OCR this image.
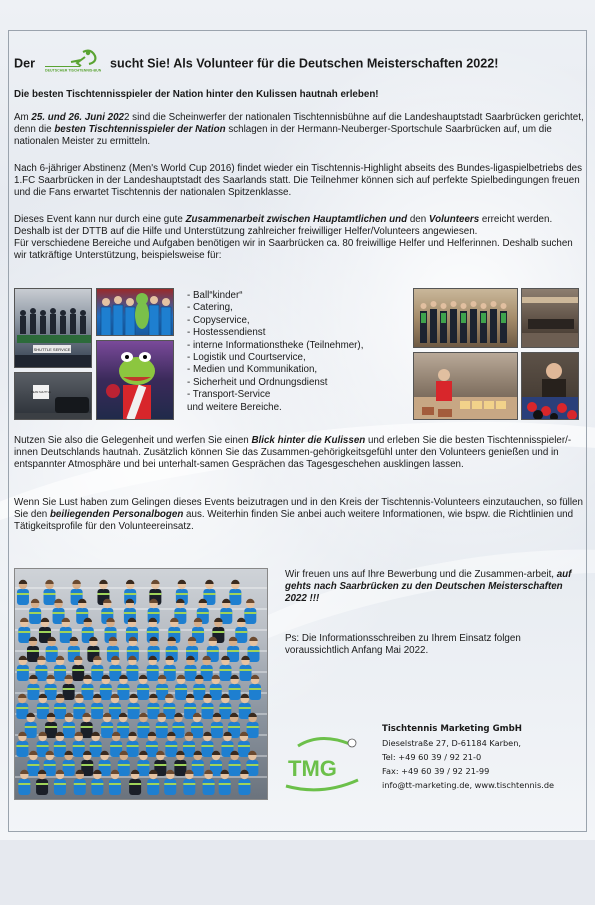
Der
DEUTSCHER TISCHTENNIS-BUND
sucht Sie! Als Volunteer für die Deutschen Meisterschaften 2022!

Die besten Tischtennisspieler der Nation hinter den Kulissen hautnah erleben!

Am 25. und 26. Juni 2022 sind die Scheinwerfer der nationalen Tischtennisbühne auf die Landeshauptstadt Saarbrücken gerichtet, denn die besten Tischtennisspieler der Nation schlagen in der Hermann-Neuberger-Sportschule Saarbrücken auf, um die nationalen Meister zu ermitteln.

Nach 6-jähriger Abstinenz (Men's World Cup 2016) findet wieder ein Tischtennis-Highlight abseits des Bundes-ligaspielbetriebs des 1.FC Saarbrücken in der Landeshauptstadt des Saarlands statt. Die Teilnehmer können sich auf perfekte Spielbedingungen freuen und die Fans erwartet Tischtennis der nationalen Spitzenklasse.

Dieses Event kann nur durch eine gute Zusammenarbeit zwischen Hauptamtlichen und den Volunteers erreicht werden. Deshalb ist der DTTB auf die Hilfe und Unterstützung zahlreicher freiwilliger Helfer/Volunteers angewiesen.
Für verschiedene Bereiche und Aufgaben benötigen wir in Saarbrücken ca. 80 freiwillige Helfer und Helferinnen. Deshalb suchen wir tatkräftige Unterstützung, beispielsweise für:

SHUTTLE SERVICE
TEAM SHUTTLE
- Ball“kinder“
- Catering,
- Copyservice,
- Hostessendienst
- interne Informationstheke (Teilnehmer),
- Logistik und Courtservice,
- Medien und Kommunikation,
- Sicherheit und Ordnungsdienst
- Transport-Service
und weitere Bereiche.

Nutzen Sie also die Gelegenheit und werfen Sie einen Blick hinter die Kulissen und erleben Sie die besten Tischtennisspieler/-innen Deutschlands hautnah. Zusätzlich können Sie das Zusammen-gehörigkeitsgefühl unter den Volunteers genießen und in entspannter Atmosphäre und bei unterhalt-samen Gesprächen das Tagesgeschehen ausklingen lassen.

Wenn Sie Lust haben zum Gelingen dieses Events beizutragen und in den Kreis der Tischtennis-Volunteers einzutauchen, so füllen Sie den beiliegenden Personalbogen aus. Weiterhin finden Sie anbei auch weitere Informationen, wie bspw. die Richtlinien und Tätigkeitsprofile für den Volunteereinsatz.

Wir freuen uns auf Ihre Bewerbung und die Zusammen-arbeit, auf gehts nach Saarbrücken zu den Deutschen Meisterschaften 2022 !!!

Ps: Die Informationsschreiben zu Ihrem Einsatz folgen voraussichtlich Anfang Mai 2022.

TMG
Tischtennis Marketing GmbH
Dieselstraße 27, D-61184 Karben,
Tel: +49 60 39 / 92 21-0
Fax: +49 60 39 / 92 21-99
info@tt-marketing.de, www.tischtennis.de
